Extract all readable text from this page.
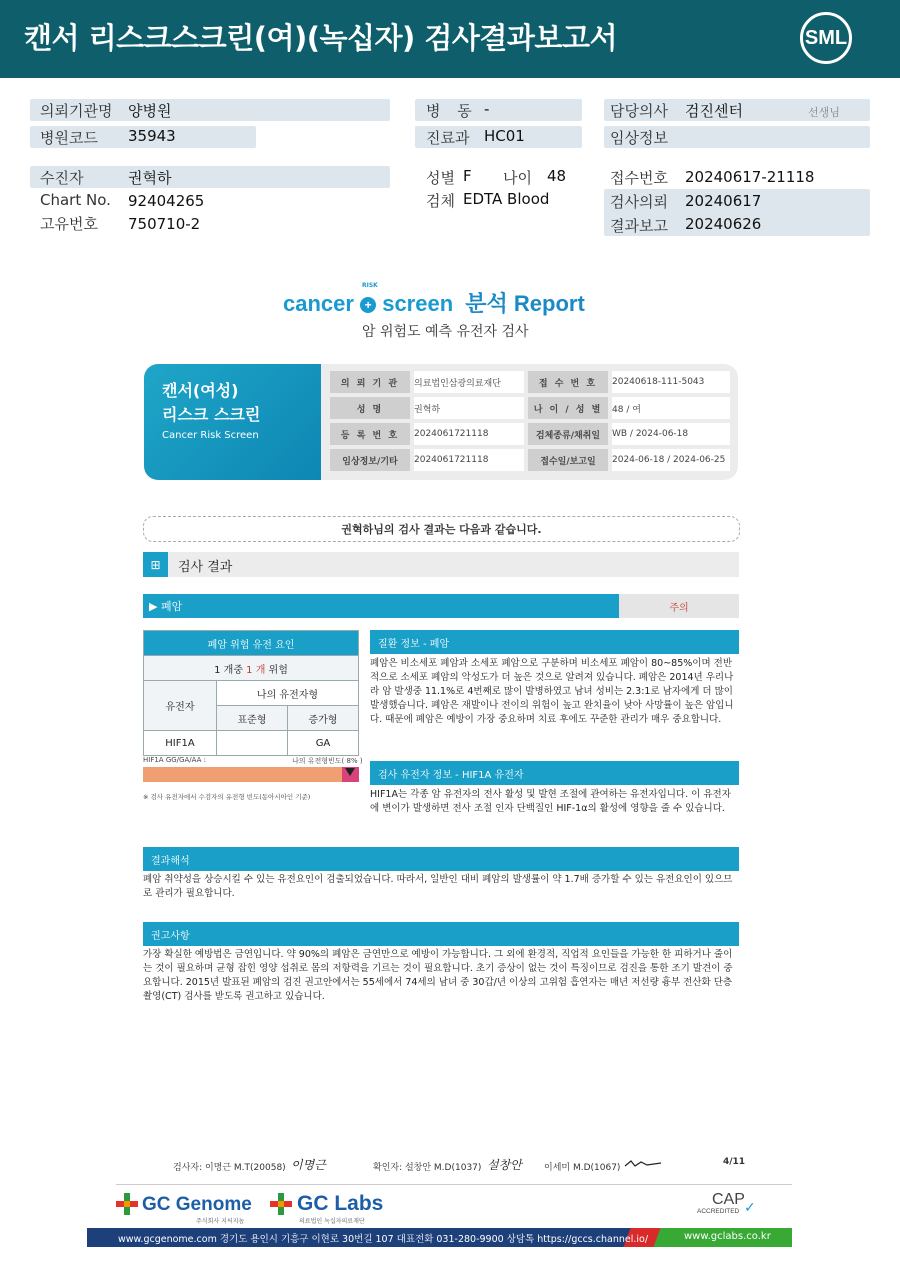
캔서 리스크스크린(여)(녹십자) 검사결과보고서	SML
의뢰기관명 양병원
병원코드 35943
수진자	권혁하
Chart No. 92404265
고유번호 750710-2
병 동 -
진료과 HC01
성별 F 나이 48
검체 EDTA Blood
담당의사 검진센터	선생님
임상정보
접수번호 20240617-21118
검사의뢰 20240617
결과보고 20240626
cancer + screen 분석 Report
RISK
암 위험도 예측 유전자 검사
캔서(여성)
리스크 스크린
Cancer Risk Screen
의 뢰 기 관	의료법인삼광의료재단	접 수 번 호	20240618-111-5043
성 명	권혁하	나 이 / 성 별	48 / 여
등 록 번 호	2024061721118	검체종류/채취일	WB / 2024-06-18
임상정보/기타	2024061721118	접수일/보고일	2024-06-18 / 2024-06-25
권혁하님의 검사 결과는 다음과 같습니다.
⊞	검사 결과
▶ 폐암	주의
폐암 위험 유전 요인		
1 개중 1 개 위험		
유전자	나의 유전자형	
	표준형	증가형
HIF1A		GA
HIF1A GG/GA/AA :	나의 유전형빈도( 8% )
※ 검사 유전자에서 수검자의 유전형 빈도(동아시아인 기준)
질환 정보 - 폐암
폐암은 비소세포 폐암과 소세포 폐암으로 구분하며 비소세포 폐암이 80~85%이며 전반적으로 소세포 폐암의 악성도가 더 높은 것으로 알려져 있습니다. 폐암은 2014년 우리나라 암 발생중 11.1%로 4번째로 많이 발병하였고 남녀 성비는 2.3:1로 남자에게 더 많이 발생했습니다. 폐암은 재발이나 전이의 위험이 높고 완치율이 낮아 사망률이 높은 암입니다. 때문에 폐암은 예방이 가장 중요하며 치료 후에도 꾸준한 관리가 매우 중요합니다.
검사 유전자 정보 - HIF1A 유전자
HIF1A는 각종 암 유전자의 전사 활성 및 발현 조절에 관여하는 유전자입니다. 이 유전자에 변이가 발생하면 전사 조절 인자 단백질인 HIF-1α의 활성에 영향을 줄 수 있습니다.
결과해석
폐암 취약성을 상승시킬 수 있는 유전요인이 검출되었습니다. 따라서, 일반인 대비 폐암의 발생률이 약 1.7배 증가할 수 있는 유전요인이 있으므로 관리가 필요합니다.
권고사항
가장 확실한 예방법은 금연입니다. 약 90%의 폐암은 금연만으로 예방이 가능합니다. 그 외에 환경적, 직업적 요인들을 가능한 한 피하거나 줄이는 것이 필요하며 균형 잡힌 영양 섭취로 몸의 저항력을 기르는 것이 필요합니다. 초기 증상이 없는 것이 특징이므로 검진을 통한 조기 발견이 중요합니다. 2015년 발표된 폐암의 검진 권고안에서는 55세에서 74세의 남녀 중 30갑/년 이상의 고위험 흡연자는 매년 저선량 흉부 전산화 단층 촬영(CT) 검사를 받도록 권고하고 있습니다.
검사자: 이명근 M.T(20058) 이명근	확인자: 설창안 M.D(1037) 설창안 이세미 M.D(1067)
4/11
GC Genome
주식회사 지씨지놈
GC Labs
의료법인 녹십자의료재단
CAP
ACCREDITED ✓
www.gcgenome.com 경기도 용인시 기흥구 이현로 30번길 107 대표전화 031-280-9900 상담톡 https://gccs.channel.io/	www.gclabs.co.kr
